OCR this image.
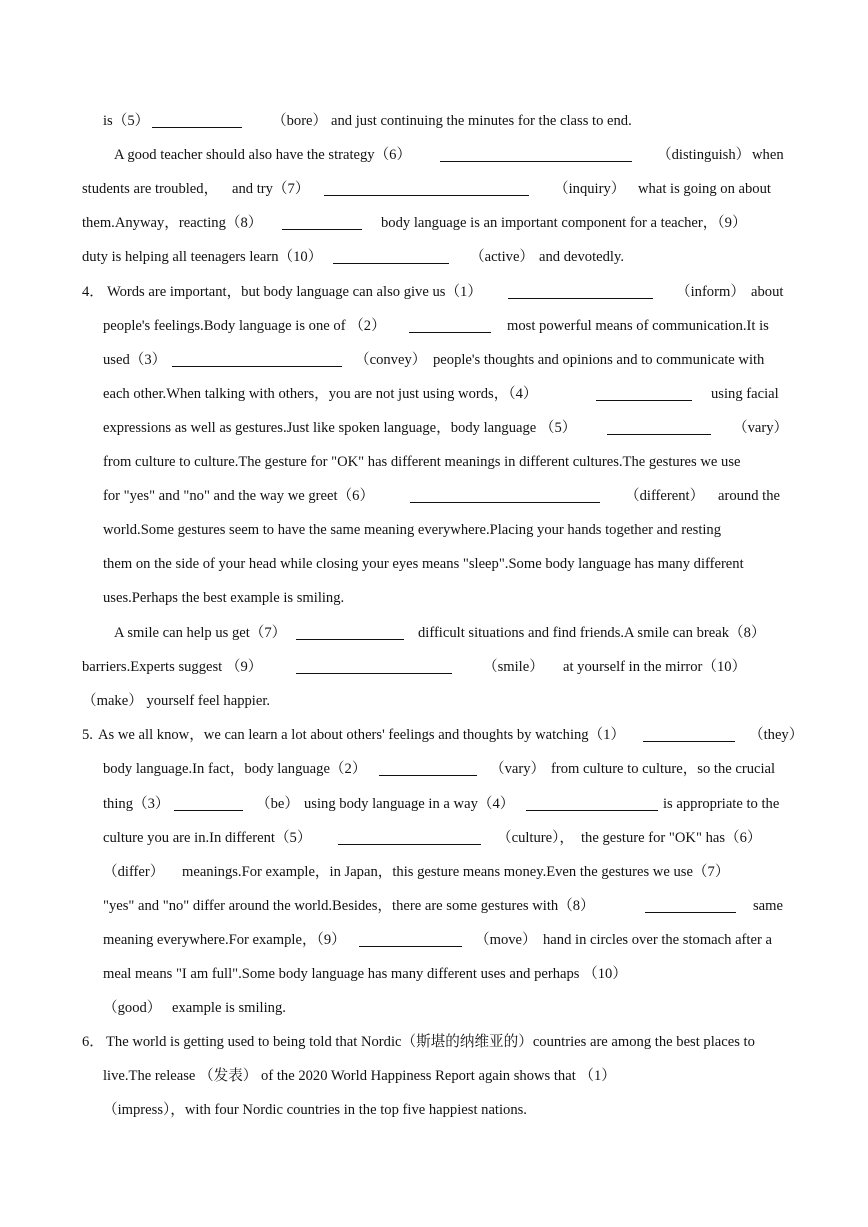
is（5）	（bore） and just continuing the minutes for the class to end.
A good teacher should also have the strategy（6）	（distinguish） when
students are troubled， and try（7）	（inquiry） what is going on about
them.Anyway，reacting（8）	body language is an important component for a teacher，（9）
duty is helping all teenagers learn（10）	（active） and devotedly.
4． Words are important，but body language can also give us（1）	（inform） about
people's feelings.Body language is one of （2）	most powerful means of communication.It is
used（3）	（convey） people's thoughts and opinions and to communicate with
each other.When talking with others，you are not just using words，（4）	using facial
expressions as well as gestures.Just like spoken language，body language （5）	（vary）
from culture to culture.The gesture for "OK" has different meanings in different cultures.The gestures we use
for "yes" and "no" and the way we greet（6）	（different） around the
world.Some gestures seem to have the same meaning everywhere.Placing your hands together and resting
them on the side of your head while closing your eyes means "sleep".Some body language has many different
uses.Perhaps the best example is smiling.
A smile can help us get（7）	difficult situations and find friends.A smile can break（8）
barriers.Experts suggest （9）	（smile） at yourself in the mirror（10）
（make） yourself feel happier.
5. As we all know，we can learn a lot about others' feelings and thoughts by watching（1）	（they）
body language.In fact，body language（2）	（vary） from culture to culture，so the crucial
thing（3）	（be） using body language in a way（4）	is appropriate to the
culture you are in.In different（5）	（culture）， the gesture for "OK" has（6）
（differ） meanings.For example，in Japan，this gesture means money.Even the gestures we use（7）
"yes" and "no" differ around the world.Besides，there are some gestures with（8）	same
meaning everywhere.For example，（9）	（move） hand in circles over the stomach after a
meal means "I am full".Some body language has many different uses and perhaps （10）
（good） example is smiling.
6． The world is getting used to being told that Nordic（斯堪的纳维亚的）countries are among the best places to
live.The release （发表） of the 2020 World Happiness Report again shows that （1）
（impress），with four Nordic countries in the top five happiest nations.
